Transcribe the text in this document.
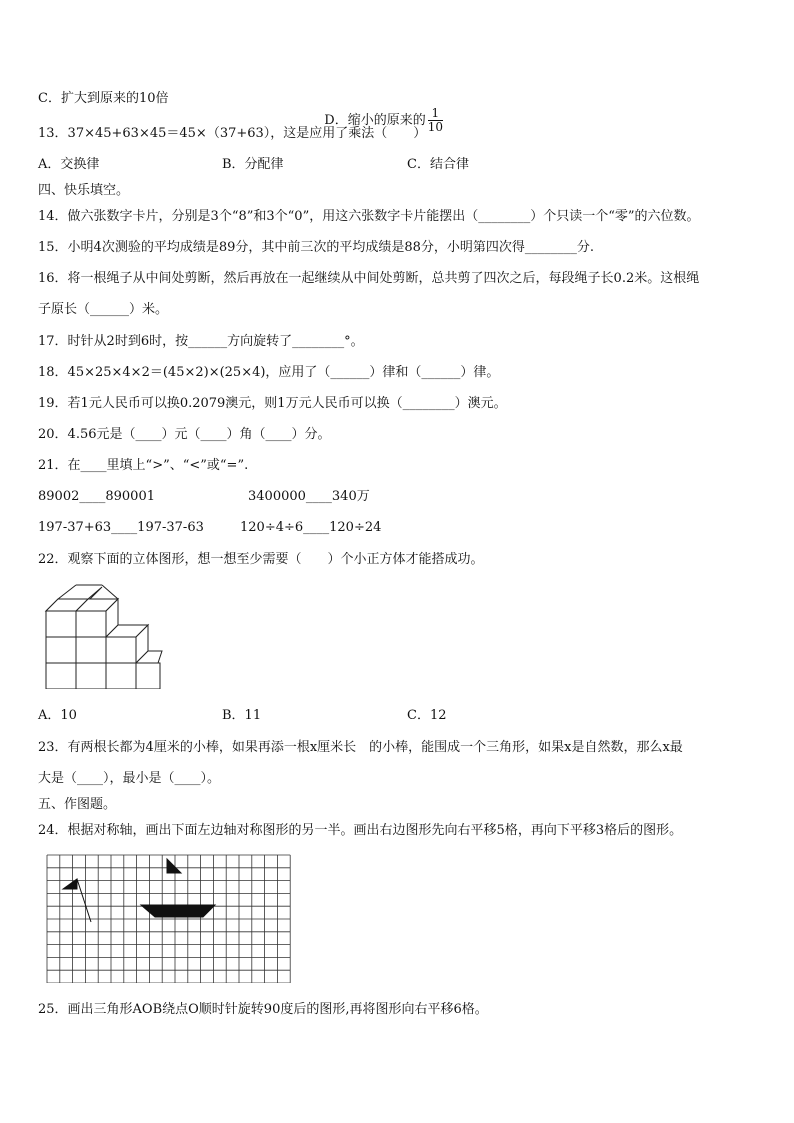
C．扩大到原来的10倍

D．缩小的原来的 $\frac{1}{10}$

13．37×45+63×45＝45×（37+63），这是应用了乘法（　　）
A．交换律	B．分配律	C．结合律
四、快乐填空。
14．做六张数字卡片，分别是3个“8”和3个“0”，用这六张数字卡片能摆出（________）个只读一个“零”的六位数。
15．小明4次测验的平均成绩是89分，其中前三次的平均成绩是88分，小明第四次得________分.
16．将一根绳子从中间处剪断，然后再放在一起继续从中间处剪断，总共剪了四次之后，每段绳子长0.2米。这根绳
子原长（______）米。
17．时针从2时到6时，按______方向旋转了________°。
18．45×25×4×2＝(45×2)×(25×4)，应用了（______）律和（______）律。
19．若1元人民币可以换0.2079澳元，则1万元人民币可以换（________）澳元。
20．4.56元是（____）元（____）角（____）分。
21．在____里填上“>”、“<”或“=”.
89002____890001	3400000____340万
197-37+63____197-37-63	120÷4÷6____120÷24
22．观察下面的立体图形，想一想至少需要（　　）个小正方体才能搭成功。
A．10	B．11	C．12
23．有两根长都为4厘米的小棒，如果再添一根x厘米长　的小棒，能围成一个三角形，如果x是自然数，那么x最
大是（____），最小是（____）。
五、作图题。
24．根据对称轴，画出下面左边轴对称图形的另一半。画出右边图形先向右平移5格，再向下平移3格后的图形。
25．画出三角形AOB绕点O顺时针旋转90度后的图形,再将图形向右平移6格。
